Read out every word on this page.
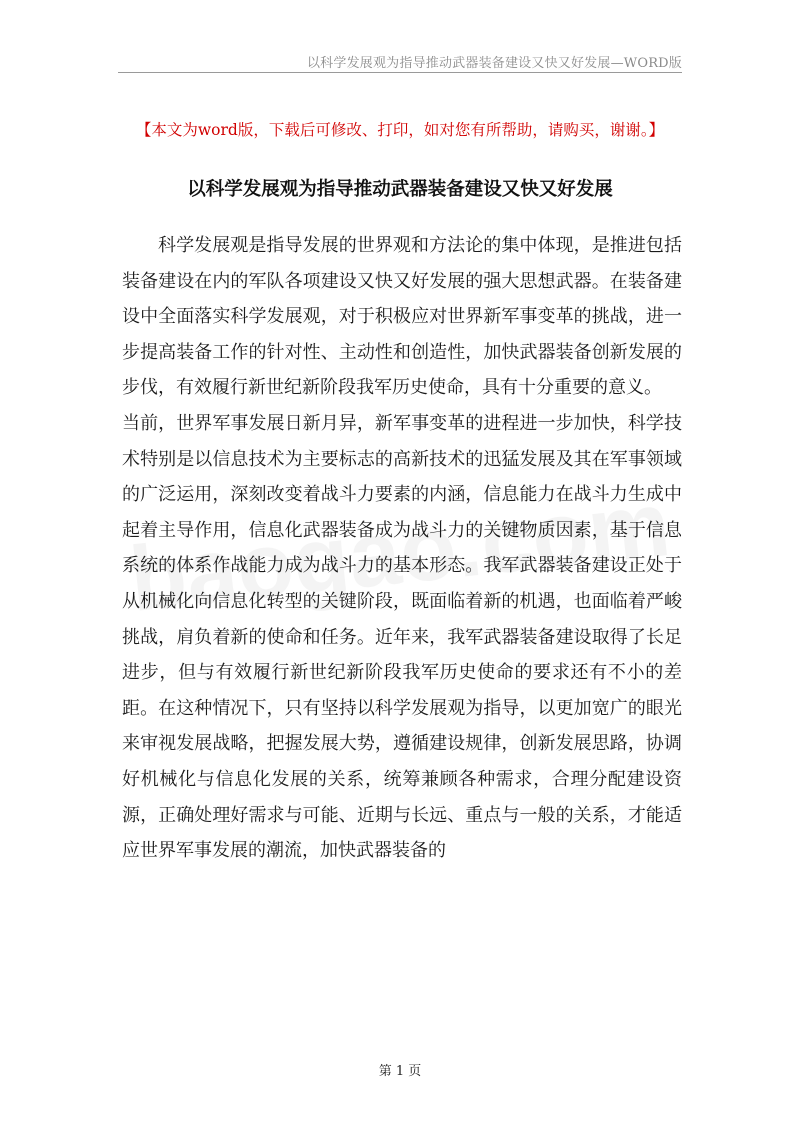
以科学发展观为指导推动武器装备建设又快又好发展—WORD版
【本文为word版，下载后可修改、打印，如对您有所帮助，请购买，谢谢。】
以科学发展观为指导推动武器装备建设又快又好发展

科学发展观是指导发展的世界观和方法论的集中体现，是推进包括装备建设在内的军队各项建设又快又好发展的强大思想武器。在装备建设中全面落实科学发展观，对于积极应对世界新军事变革的挑战，进一步提高装备工作的针对性、主动性和创造性，加快武器装备创新发展的步伐，有效履行新世纪新阶段我军历史使命，具有十分重要的意义。

当前，世界军事发展日新月异，新军事变革的进程进一步加快，科学技术特别是以信息技术为主要标志的高新技术的迅猛发展及其在军事领域的广泛运用，深刻改变着战斗力要素的内涵，信息能力在战斗力生成中起着主导作用，信息化武器装备成为战斗力的关键物质因素，基于信息系统的体系作战能力成为战斗力的基本形态。我军武器装备建设正处于从机械化向信息化转型的关键阶段，既面临着新的机遇，也面临着严峻挑战，肩负着新的使命和任务。近年来，我军武器装备建设取得了长足进步，但与有效履行新世纪新阶段我军历史使命的要求还有不小的差距。在这种情况下，只有坚持以科学发展观为指导，以更加宽广的眼光来审视发展战略，把握发展大势，遵循建设规律，创新发展思路，协调好机械化与信息化发展的关系，统筹兼顾各种需求，合理分配建设资源，正确处理好需求与可能、近期与长远、重点与一般的关系，才能适应世界军事发展的潮流，加快武器装备的

第 1 页
